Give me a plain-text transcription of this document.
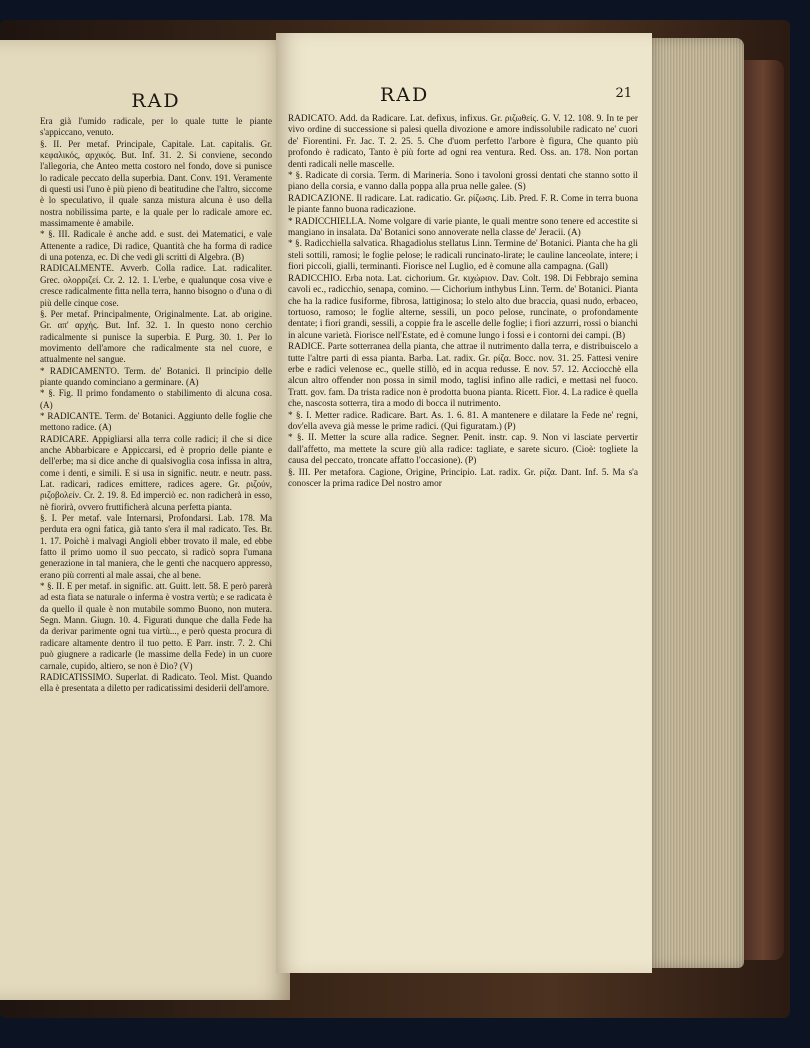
RAD

Era già l'umido radicale, per lo quale tutte le piante s'appiccano, venuto.

§. II. Per metaf. Principale, Capitale. Lat. capitalis. Gr. κεφαλικός, αρχικός. But. Inf. 31. 2. Si conviene, secondo l'allegoria, che Anteo metta costoro nel fondo, dove si punisce lo radicale peccato della superbia. Dant. Conv. 191. Veramente di questi usi l'uno è più pieno di beatitudine che l'altro, siccome è lo speculativo, il quale sanza mistura alcuna è uso della nostra nobilissima parte, e la quale per lo radicale amore ec. massimamente è amabile.

* §. III. Radicale è anche add. e sust. dei Matematici, e vale Attenente a radice, Di radice, Quantità che ha forma di radice di una potenza, ec. Di che vedi gli scritti di Algebra. (B)

RADICALMENTE. Avverb. Colla radice. Lat. radicaliter. Grec. ολορριζεί. Cr. 2. 12. 1. L'erbe, e qualunque cosa vive e cresce radicalmente fitta nella terra, hanno bisogno o d'una o di più delle cinque cose.

§. Per metaf. Principalmente, Originalmente. Lat. ab origine. Gr. απ' αρχής. But. Inf. 32. 1. In questo nono cerchio radicalmente si punisce la superbia. E Purg. 30. 1. Per lo movimento dell'amore che radicalmente sta nel cuore, e attualmente nel sangue.

* RADICAMENTO. Term. de' Botanici. Il principio delle piante quando cominciano a germinare. (A)

* §. Fig. Il primo fondamento o stabilimento di alcuna cosa. (A)

* RADICANTE. Term. de' Botanici. Aggiunto delle foglie che mettono radice. (A)

RADICARE. Appigliarsi alla terra colle radici; il che si dice anche Abbarbicare e Appiccarsi, ed è proprio delle piante e dell'erbe; ma si dice anche di qualsivoglia cosa infissa in altra, come i denti, e simili. E si usa in signific. neutr. e neutr. pass. Lat. radicari, radices emittere, radices agere. Gr. ριζούν, ριζοβολείν. Cr. 2. 19. 8. Ed imperciò ec. non radicherà in esso, nè fiorirà, ovvero fruttificherà alcuna perfetta pianta.

§. I. Per metaf. vale Internarsi, Profondarsi. Lab. 178. Ma perduta era ogni fatica, già tanto s'era il mal radicato. Tes. Br. 1. 17. Poichè i malvagi Angioli ebber trovato il male, ed ebbe fatto il primo uomo il suo peccato, sì radicò sopra l'umana generazione in tal maniera, che le genti che nacquero appresso, erano più correnti al male assai, che al bene.

* §. II. E per metaf. in signific. att. Guitt. lett. 58. E però parerà ad esta fiata se naturale o inferma è vostra vertù; e se radicata è da quello il quale è non mutabile sommo Buono, non mutera. Segn. Mann. Giugn. 10. 4. Figurati dunque che dalla Fede ha da derivar parimente ogni tua virtù..., e però questa procura di radicare altamente dentro il tuo petto. E Parr. instr. 7. 2. Chi può giugnere a radicarle (le massime della Fede) in un cuore carnale, cupido, altiero, se non è Dio? (V)

RADICATISSIMO. Superlat. di Radicato. Teol. Mist. Quando ella è presentata a diletto per radicatissimi desiderii dell'amore.

RAD	21

RADICATO. Add. da Radicare. Lat. defixus, infixus. Gr. ριζωθείς. G. V. 12. 108. 9. In te per vivo ordine di successione si palesi quella divozione e amore indissolubile radicato ne' cuori de' Fiorentini. Fr. Jac. T. 2. 25. 5. Che d'uom perfetto l'arbore è figura, Che quanto più profondo è radicato, Tanto è più forte ad ogni rea ventura. Red. Oss. an. 178. Non portan denti radicali nelle mascelle.

* §. Radicate di corsia. Term. di Marineria. Sono i tavoloni grossi dentati che stanno sotto il piano della corsia, e vanno dalla poppa alla prua nelle galee. (S)

RADICAZIONE. Il radicare. Lat. radicatio. Gr. ρίζωσις. Lib. Pred. F. R. Come in terra buona le piante fanno buona radicazione.

* RADICCHIELLA. Nome volgare di varie piante, le quali mentre sono tenere ed accestite si mangiano in insalata. Da' Botanici sono annoverate nella classe de' Jeracii. (A)

* §. Radicchiella salvatica. Rhagadiolus stellatus Linn. Termine de' Botanici. Pianta che ha gli steli sottili, ramosi; le foglie pelose; le radicali runcinato-lirate; le cauline lanceolate, intere; i fiori piccoli, gialli, terminanti. Fiorisce nel Luglio, ed è comune alla campagna. (Gall)

RADICCHIO. Erba nota. Lat. cichorium. Gr. κιχώριον. Dav. Colt. 198. Di Febbrajo semina cavoli ec., radicchio, senapa, comino. — Cichorium inthybus Linn. Term. de' Botanici. Pianta che ha la radice fusiforme, fibrosa, lattiginosa; lo stelo alto due braccia, quasi nudo, erbaceo, tortuoso, ramoso; le foglie alterne, sessili, un poco pelose, runcinate, o profondamente dentate; i fiori grandi, sessili, a coppie fra le ascelle delle foglie; i fiori azzurri, rossi o bianchi in alcune varietà. Fiorisce nell'Estate, ed è comune lungo i fossi e i contorni dei campi. (B)

RADICE. Parte sotterranea della pianta, che attrae il nutrimento dalla terra, e distribuiscelo a tutte l'altre parti di essa pianta. Barba. Lat. radix. Gr. ρίζα. Bocc. nov. 31. 25. Fattesi venire erbe e radici velenose ec., quelle stillò, ed in acqua redusse. E nov. 57. 12. Acciocchè ella alcun altro offender non possa in simil modo, taglisi infino alle radici, e mettasi nel fuoco. Tratt. gov. fam. Da trista radice non è prodotta buona pianta. Ricett. Fior. 4. La radice è quella che, nascosta sotterra, tira a modo di bocca il nutrimento.

* §. I. Metter radice. Radicare. Bart. As. 1. 6. 81. A mantenere e dilatare la Fede ne' regni, dov'ella aveva già messe le prime radici. (Qui figuratam.) (P)

* §. II. Metter la scure alla radice. Segner. Penit. instr. cap. 9. Non vi lasciate pervertir dall'affetto, ma mettete la scure giù alla radice: tagliate, e sarete sicuro. (Cioè: togliete la causa del peccato, troncate affatto l'occasione). (P)

§. III. Per metafora. Cagione, Origine, Principio. Lat. radix. Gr. ρίζα. Dant. Inf. 5. Ma s'a conoscer la prima radice Del nostro amor
